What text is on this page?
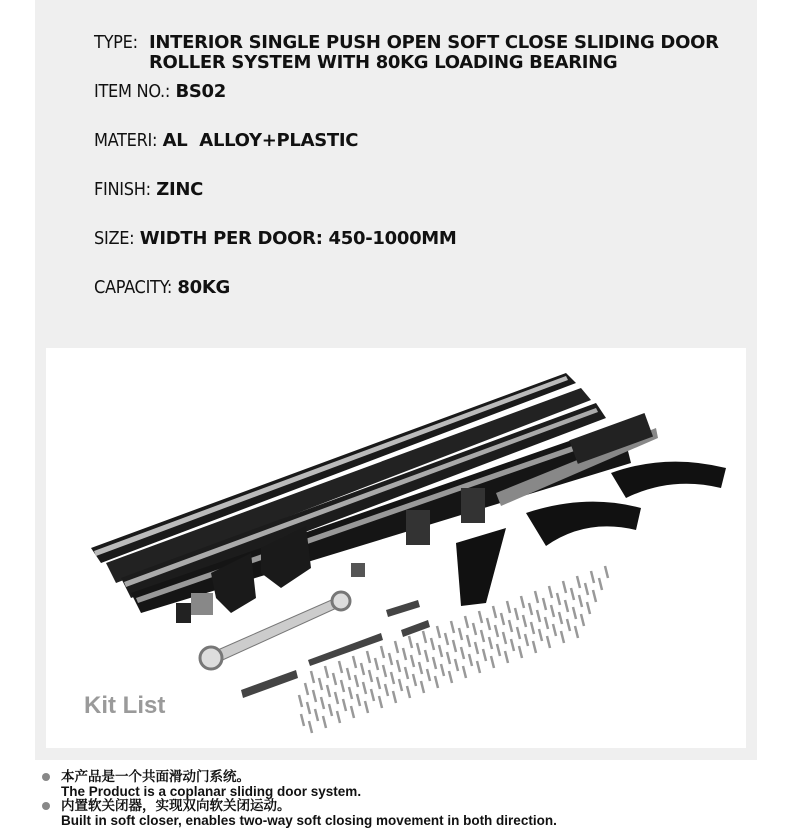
TYPE: INTERIOR SINGLE PUSH OPEN SOFT CLOSE SLIDING DOOR ROLLER SYSTEM WITH 80KG LOADING BEARING
ITEM NO.: BS02
MATERI: AL  ALLOY+PLASTIC
FINISH: ZINC
SIZE: WIDTH PER DOOR: 450-1000MM
CAPACITY: 80KG
Kit List
本产品是一个共面滑动门系统。
The Product is a coplanar sliding door system.
内置软关闭器，实现双向软关闭运动。
Built in soft closer, enables two-way soft closing movement in both direction.
